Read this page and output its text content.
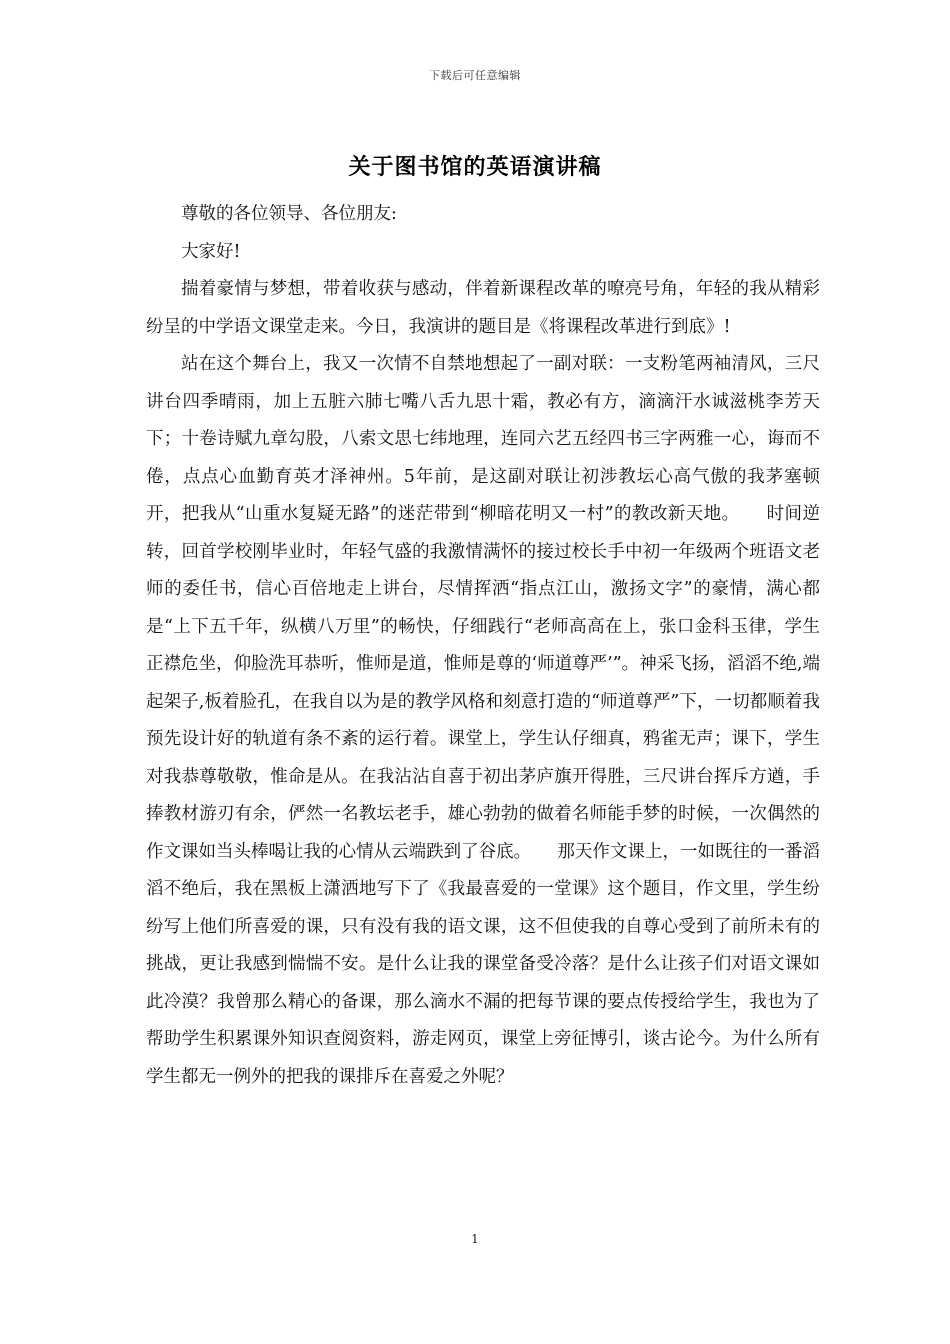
下载后可任意编辑
关于图书馆的英语演讲稿

尊敬的各位领导、各位朋友:

大家好!

揣着豪情与梦想，带着收获与感动，伴着新课程改革的嘹亮号角，年轻的我从精彩纷呈的中学语文课堂走来。今日，我演讲的题目是《将课程改革进行到底》!

站在这个舞台上，我又一次情不自禁地想起了一副对联：一支粉笔两袖清风，三尺讲台四季晴雨，加上五脏六肺七嘴八舌九思十霜，教必有方，滴滴汗水诚滋桃李芳天下；十卷诗赋九章勾股，八索文思七纬地理，连同六艺五经四书三字两雅一心，诲而不倦，点点心血勤育英才泽神州。5年前，是这副对联让初涉教坛心高气傲的我茅塞顿开，把我从“山重水复疑无路”的迷茫带到“柳暗花明又一村”的教改新天地。　　时间逆转，回首学校刚毕业时，年轻气盛的我激情满怀的接过校长手中初一年级两个班语文老师的委任书，信心百倍地走上讲台，尽情挥洒“指点江山，激扬文字”的豪情，满心都是“上下五千年，纵横八万里”的畅快，仔细践行“老师高高在上，张口金科玉律，学生正襟危坐，仰脸洗耳恭听，惟师是道，惟师是尊的‘师道尊严’”。神采飞扬，滔滔不绝,端起架子,板着脸孔，在我自以为是的教学风格和刻意打造的“师道尊严”下，一切都顺着我预先设计好的轨道有条不紊的运行着。课堂上，学生认仔细真，鸦雀无声；课下，学生对我恭尊敬敬，惟命是从。在我沾沾自喜于初出茅庐旗开得胜，三尺讲台挥斥方遒，手捧教材游刃有余，俨然一名教坛老手，雄心勃勃的做着名师能手梦的时候，一次偶然的作文课如当头棒喝让我的心情从云端跌到了谷底。　　那天作文课上，一如既往的一番滔滔不绝后，我在黑板上潇洒地写下了《我最喜爱的一堂课》这个题目，作文里，学生纷纷写上他们所喜爱的课，只有没有我的语文课，这不但使我的自尊心受到了前所未有的挑战，更让我感到惴惴不安。是什么让我的课堂备受冷落？是什么让孩子们对语文课如此冷漠？我曾那么精心的备课，那么滴水不漏的把每节课的要点传授给学生，我也为了帮助学生积累课外知识查阅资料，游走网页，课堂上旁征博引，谈古论今。为什么所有学生都无一例外的把我的课排斥在喜爱之外呢？

1
